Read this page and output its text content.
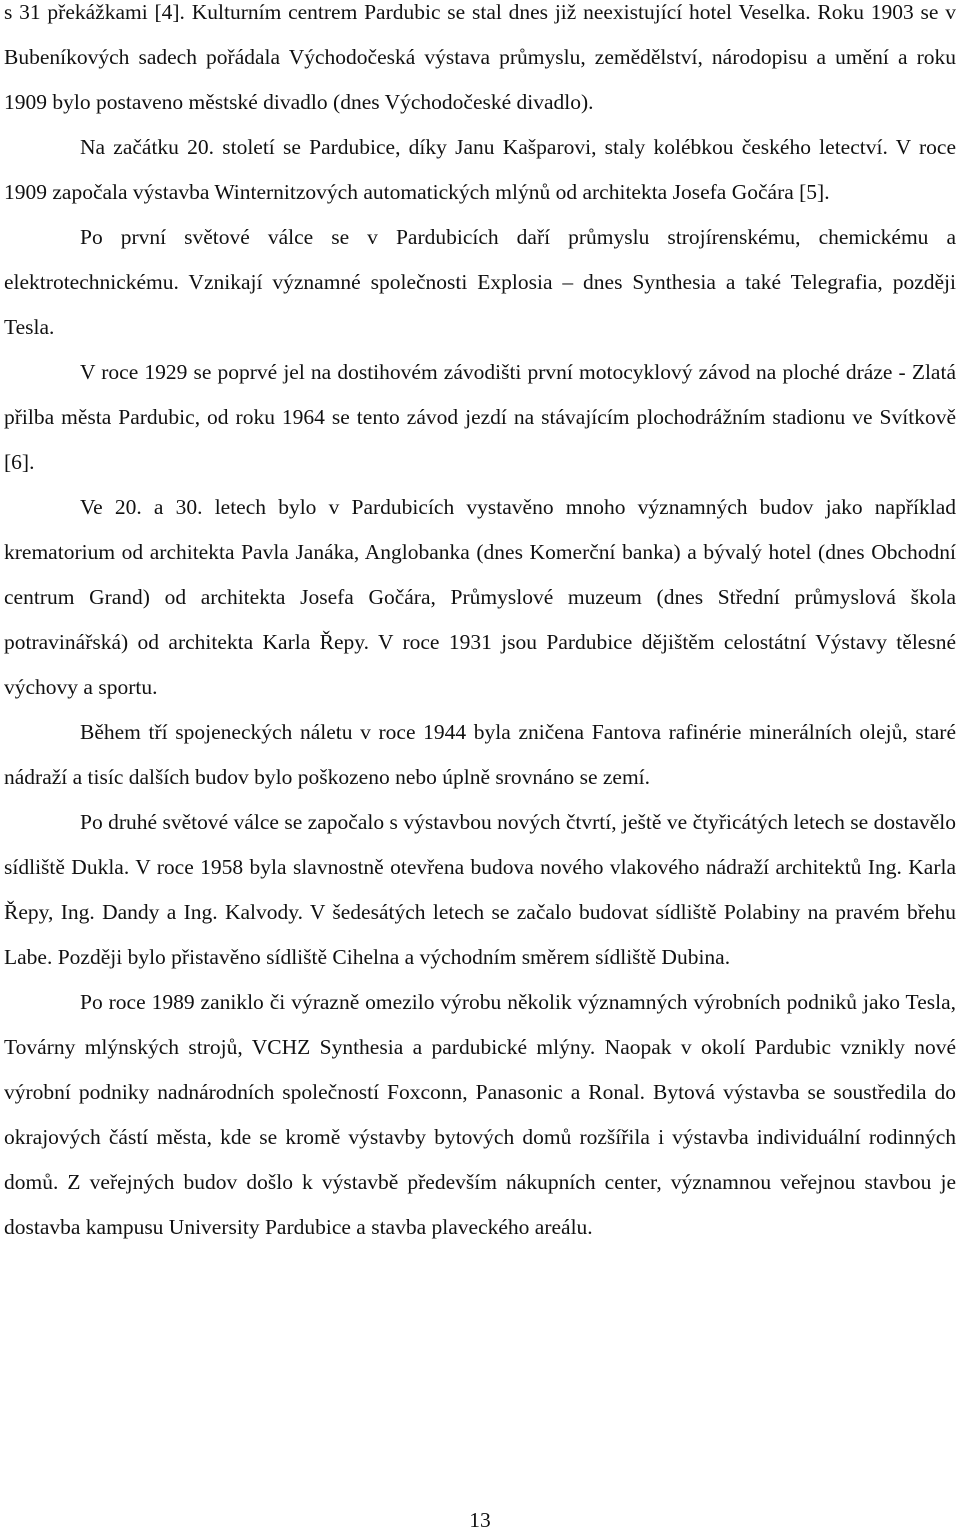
s 31 překážkami [4]. Kulturním centrem Pardubic se stal dnes již neexistující hotel Veselka. Roku 1903 se v Bubeníkových sadech pořádala Východočeská výstava průmyslu, zemědělství, národopisu a umění a roku 1909 bylo postaveno městské divadlo (dnes Východočeské divadlo).

Na začátku 20. století se Pardubice, díky Janu Kašparovi, staly kolébkou českého letectví. V roce 1909 započala výstavba Winternitzových automatických mlýnů od architekta Josefa Gočára [5].

Po první světové válce se v Pardubicích daří průmyslu strojírenskému, chemickému a elektrotechnickému. Vznikají významné společnosti Explosia – dnes Synthesia a také Telegrafia, později Tesla.

V roce 1929 se poprvé jel na dostihovém závodišti první motocyklový závod na ploché dráze - Zlatá přilba města Pardubic, od roku 1964 se tento závod jezdí na stávajícím plochodrážním stadionu ve Svítkově [6].

Ve 20. a 30. letech bylo v Pardubicích vystavěno mnoho významných budov jako například krematorium od architekta Pavla Janáka, Anglobanka (dnes Komerční banka) a bývalý hotel (dnes Obchodní centrum Grand) od architekta Josefa Gočára, Průmyslové muzeum (dnes Střední průmyslová škola potravinářská) od architekta Karla Řepy. V roce 1931 jsou Pardubice dějištěm celostátní Výstavy tělesné výchovy a sportu.

Během tří spojeneckých náletu v roce 1944 byla zničena Fantova rafinérie minerálních olejů, staré nádraží a tisíc dalších budov bylo poškozeno nebo úplně srovnáno se zemí.

Po druhé světové válce se započalo s výstavbou nových čtvrtí, ještě ve čtyřicátých letech se dostavělo sídliště Dukla. V roce 1958 byla slavnostně otevřena budova nového vlakového nádraží architektů Ing. Karla Řepy, Ing. Dandy a Ing. Kalvody. V šedesátých letech se začalo budovat sídliště Polabiny na pravém břehu Labe. Později bylo přistavěno sídliště Cihelna a východním směrem sídliště Dubina.

Po roce 1989 zaniklo či výrazně omezilo výrobu několik významných výrobních podniků jako Tesla, Továrny mlýnských strojů, VCHZ Synthesia a pardubické mlýny. Naopak v okolí Pardubic vznikly nové výrobní podniky nadnárodních společností Foxconn, Panasonic a Ronal. Bytová výstavba se soustředila do okrajových částí města, kde se kromě výstavby bytových domů rozšířila i výstavba individuální rodinných domů. Z veřejných budov došlo k výstavbě především nákupních center, významnou veřejnou stavbou je dostavba kampusu University Pardubice a stavba plaveckého areálu.

13
